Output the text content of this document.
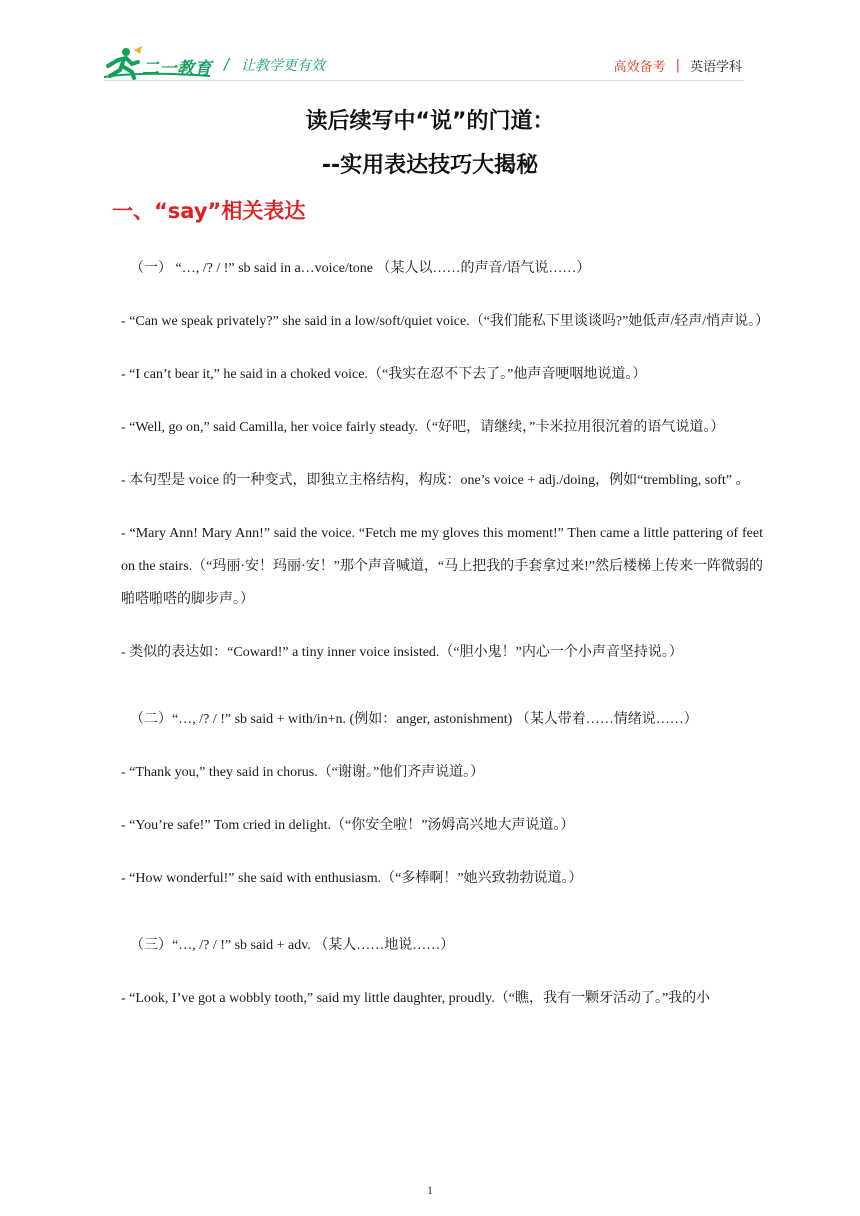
二一教育 / 让教学更有效	高效备考 | 英语学科
读后续写中“说”的门道：
--实用表达技巧大揭秘
一、“say”相关表达

（一） “…, /? / !” sb said in a…voice/tone （某人以……的声音/语气说……）

- “Can we speak privately?” she said in a low/soft/quiet voice.（“我们能私下里谈谈吗?”她低声/轻声/悄声说。）

- “I can’t bear it,” he said in a choked voice.（“我实在忍不下去了。”他声音哽咽地说道。）

- “Well, go on,” said Camilla, her voice fairly steady.（“好吧，请继续，”卡米拉用很沉着的语气说道。）

- 本句型是 voice 的一种变式，即独立主格结构，构成：one’s voice + adj./doing，例如“trembling, soft” 。

- “Mary Ann! Mary Ann!” said the voice. “Fetch me my gloves this moment!” Then came a little pattering of feet on the stairs.（“玛丽·安！玛丽·安！”那个声音喊道，“马上把我的手套拿过来!”然后楼梯上传来一阵微弱的啪嗒啪嗒的脚步声。）

- 类似的表达如：“Coward!” a tiny inner voice insisted.（“胆小鬼！”内心一个小声音坚持说。）

（二）“…, /? / !” sb said + with/in+n. (例如：anger, astonishment) （某人带着……情绪说……）

- “Thank you,” they said in chorus.（“谢谢。”他们齐声说道。）

- “You’re safe!” Tom cried in delight.（“你安全啦！”汤姆高兴地大声说道。）

- “How wonderful!” she said with enthusiasm.（“多棒啊！”她兴致勃勃说道。）

（三）“…, /? / !” sb said + adv. （某人……地说……）

- “Look, I’ve got a wobbly tooth,” said my little daughter, proudly.（“瞧，我有一颗牙活动了。”我的小

1
